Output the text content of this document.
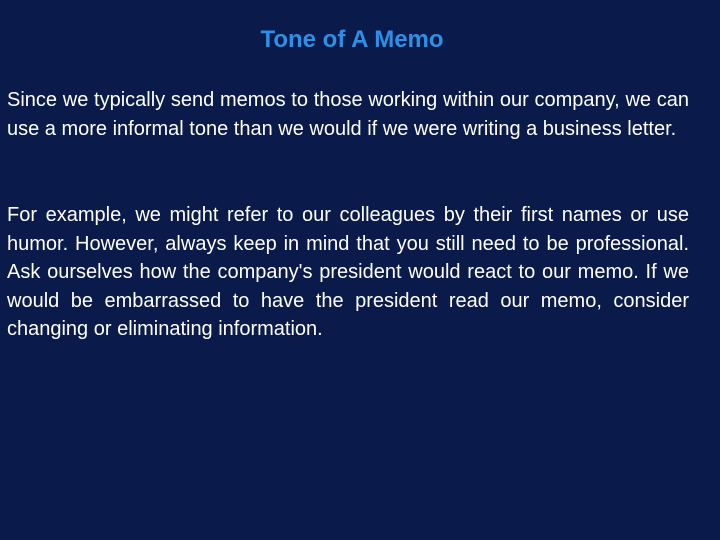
Tone of A Memo

Since we typically send memos to those working within our company, we can use a more informal tone than we would if we were writing a business letter.

For example, we might refer to our colleagues by their first names or use humor. However, always keep in mind that you still need to be professional. Ask ourselves how the company's president would react to our memo. If we would be embarrassed to have the president read our memo, consider changing or eliminating information.
